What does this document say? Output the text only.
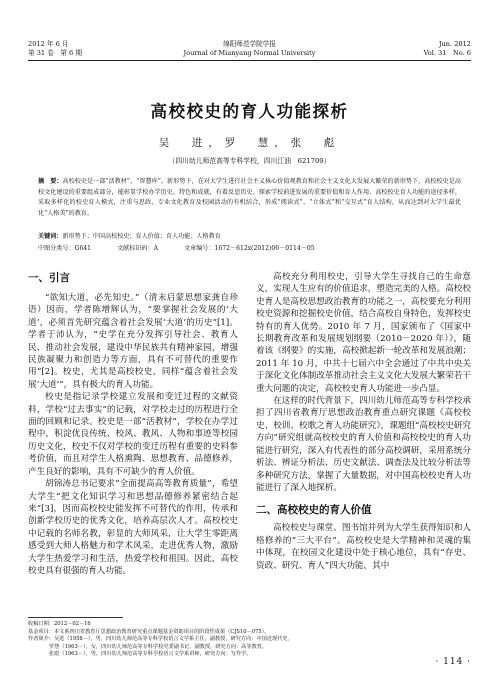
2012 年 6 月	绵阳师范学院学报	Jun. 2012
第 31 卷　第 6 期	Journal of Mianyang Normal University	Vol. 31　No. 6
高校校史的育人功能探析
吴　进，罗　慧，张　彪
（四川幼儿师范高等专科学校，四川江油　621709）
摘　要：高校校史是一部“活教材”、“智慧库”。新形势下，在对大学生进行社会主义核心价值观教育和社会主义文化大发展大繁荣的新形势下，高校校史是高校文化建设的重要组成部分，能彰显学校办学历史、特色和成就，有着反思历史、探索学校前进发展的重要价值和育人作用。高校校史育人功能的途径多样，采取多样化的校史育人模式，注重与思政、专业文化教育及校园活动的有机结合，形成“阅读式”、“立体式”和“交互式”育人结构，从而达到对大学生最优化“人格美”的教育。
关键词：新形势下；中国高校校史；育人价值；育人功能；人格教育
中图分类号：G641	文献标识码：A	文章编号：1672－612x(2012)06－0114－05
一、引言

“欲知大道，必先知史。”（清末启蒙思想家龚自珍语）因而，学者陈增辉认为，“要掌握社会发展的‘大道’，必须首先研究蕴含着社会发展‘大道’的历史”[1]。学者于沛认为，“史学在充分发挥引导社会、教育人民、推动社会发展，建设中华民族共有精神家园，增强民族凝聚力和创造力等方面，具有不可替代的重要作用”[2]。校史，尤其是高校校史，同样“蕴含着社会发展‘大道’”，具有极大的育人功能。

校史是指记录学校建立发展和变迁过程的文献资料，学校“过去事实”的记载，对学校走过的历程进行全面的回顾和记录。校史是一部“活教材”，学校在办学过程中，积淀优良传统、校风、教风、人物和事迹等校园历史文化，校史不仅对学校的变迁历程有重要的史料参考价值，而且对学生人格熏陶、思想教育、品德修养，产生良好的影响，具有不可缺少的育人价值。

胡锦涛总书记要求“全面提高高等教育质量”，希望大学生“把文化知识学习和思想品德修养紧密结合起来”[3]，因而高校校史能发挥不可替代的作用，传承和创新学校历史的优秀文化，培养高层次人才。高校校史中记载的名师名教，彰显的大师风采，让大学生零距离感受到大师人格魅力和学术风采，走进优秀人物，激励大学生热爱学习和生活，热爱学校和祖国。因此，高校校史具有很强的育人功能。

高校充分利用校史，引导大学生寻找自己的生命意义，实现人生应有的价值追求，塑造完美的人格。高校校史育人是高校思想政治教育的功能之一，高校要充分利用校史资源和挖掘校史价值，结合高校自身特色，发挥校史特有的育人优势。2010 年 7 月，国家颁布了《国家中长期教育改革和发展规划纲要（2010－2020 年）》，随着该《纲要》的实施，高校掀起新一轮改革和发展浪潮；2011 年 10 月，中共十七届六中全会通过了中共中央关于深化文化体制改革推动社会主义文化大发展大繁荣若干重大问题的决定，高校校史育人功能进一步凸显。

在这样的时代背景下，四川幼儿师范高等专科学校承担了四川省教育厅思想政治教育重点研究课题《高校校史、校训、校歌之育人功能研究》，课题组“高校校史研究方向”研究组就高校校史的育人价值和高校校史的育人功能进行研究，深入有代表性的部分高校调研，采用系统分析法、辨证分析法、历史文献法、调查法及比较分析法等多种研究方法，掌握了大量数据，对中国高校校史育人功能进行了深入地探析。

二、高校校史的育人价值

高校校史与课堂、图书馆并列为大学生获得知识和人格修养的“三大平台”。高校校史是大学精神和灵魂的集中体现，在校园文化建设中处于核心地位，具有“存史、资政、研究、育人”四大功能，其中

收稿日期：2012－02－16
基金项目：本文系四川省教育厅思想政治教育研究重点课题基金资助项目的阶段性成果（CJS10－075）。
作者简介：吴进（1958－），男，四川幼儿师范高等专科学校语言文学系主任，副教授，研究方向：中国近现代史。
罗慧（1963－），女，四川幼儿师范高等专科学校党委副书记，副教授，研究方向：高等教育。
张彪（1963－），男，四川幼儿师范高等专科学校语言文学系讲师，研究方向：写作学。
· 114 ·
